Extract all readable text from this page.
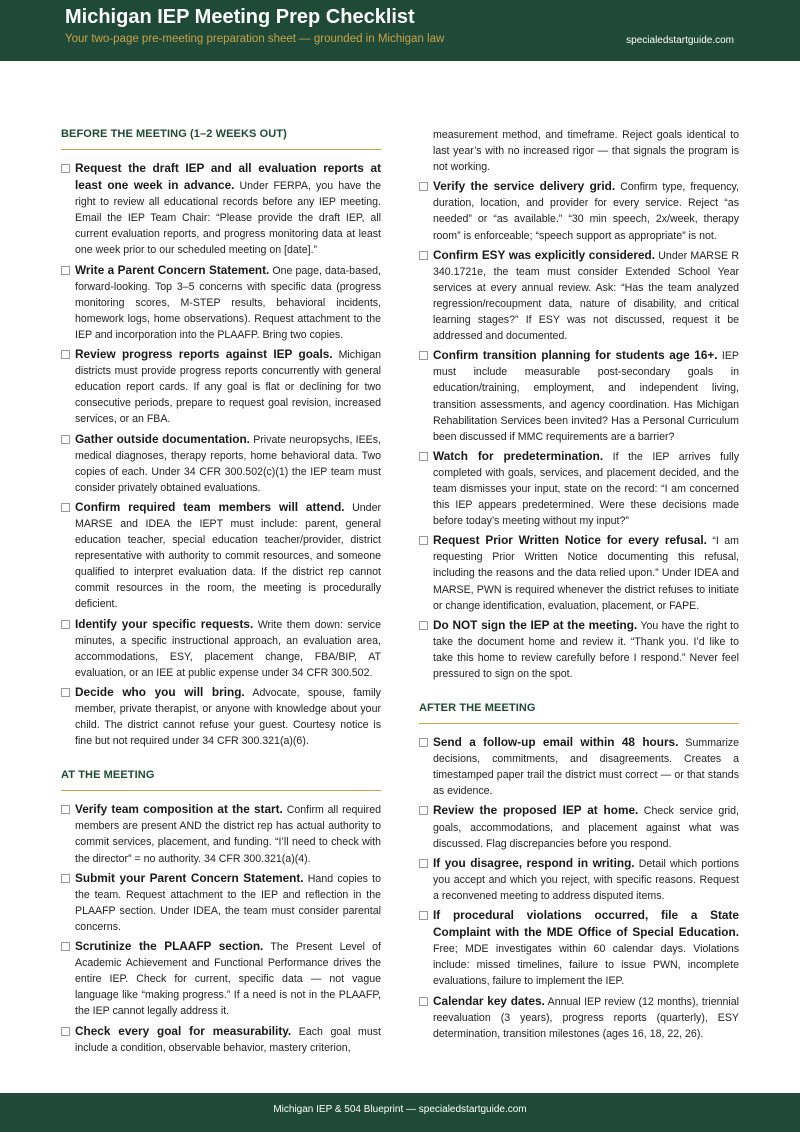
Michigan IEP Meeting Prep Checklist
Your two-page pre-meeting preparation sheet — grounded in Michigan law	specialedstartguide.com
BEFORE THE MEETING (1–2 WEEKS OUT)
Request the draft IEP and all evaluation reports at least one week in advance. Under FERPA, you have the right to review all educational records before any IEP meeting. Email the IEP Team Chair: “Please provide the draft IEP, all current evaluation reports, and progress monitoring data at least one week prior to our scheduled meeting on [date].”
Write a Parent Concern Statement. One page, data-based, forward-looking. Top 3–5 concerns with specific data (progress monitoring scores, M-STEP results, behavioral incidents, homework logs, home observations). Request attachment to the IEP and incorporation into the PLAAFP. Bring two copies.
Review progress reports against IEP goals. Michigan districts must provide progress reports concurrently with general education report cards. If any goal is flat or declining for two consecutive periods, prepare to request goal revision, increased services, or an FBA.
Gather outside documentation. Private neuropsychs, IEEs, medical diagnoses, therapy reports, home behavioral data. Two copies of each. Under 34 CFR 300.502(c)(1) the IEP team must consider privately obtained evaluations.
Confirm required team members will attend. Under MARSE and IDEA the IEPT must include: parent, general education teacher, special education teacher/provider, district representative with authority to commit resources, and someone qualified to interpret evaluation data. If the district rep cannot commit resources in the room, the meeting is procedurally deficient.
Identify your specific requests. Write them down: service minutes, a specific instructional approach, an evaluation area, accommodations, ESY, placement change, FBA/BIP, AT evaluation, or an IEE at public expense under 34 CFR 300.502.
Decide who you will bring. Advocate, spouse, family member, private therapist, or anyone with knowledge about your child. The district cannot refuse your guest. Courtesy notice is fine but not required under 34 CFR 300.321(a)(6).
AT THE MEETING
Verify team composition at the start. Confirm all required members are present AND the district rep has actual authority to commit services, placement, and funding. “I’ll need to check with the director” = no authority. 34 CFR 300.321(a)(4).
Submit your Parent Concern Statement. Hand copies to the team. Request attachment to the IEP and reflection in the PLAAFP section. Under IDEA, the team must consider parental concerns.
Scrutinize the PLAAFP section. The Present Level of Academic Achievement and Functional Performance drives the entire IEP. Check for current, specific data — not vague language like “making progress.” If a need is not in the PLAAFP, the IEP cannot legally address it.
Check every goal for measurability. Each goal must include a condition, observable behavior, mastery criterion,
measurement method, and timeframe. Reject goals identical to last year’s with no increased rigor — that signals the program is not working.
Verify the service delivery grid. Confirm type, frequency, duration, location, and provider for every service. Reject “as needed” or “as available.” “30 min speech, 2x/week, therapy room” is enforceable; “speech support as appropriate” is not.
Confirm ESY was explicitly considered. Under MARSE R 340.1721e, the team must consider Extended School Year services at every annual review. Ask: “Has the team analyzed regression/recoupment data, nature of disability, and critical learning stages?” If ESY was not discussed, request it be addressed and documented.
Confirm transition planning for students age 16+. IEP must include measurable post-secondary goals in education/training, employment, and independent living, transition assessments, and agency coordination. Has Michigan Rehabilitation Services been invited? Has a Personal Curriculum been discussed if MMC requirements are a barrier?
Watch for predetermination. If the IEP arrives fully completed with goals, services, and placement decided, and the team dismisses your input, state on the record: “I am concerned this IEP appears predetermined. Were these decisions made before today’s meeting without my input?”
Request Prior Written Notice for every refusal. “I am requesting Prior Written Notice documenting this refusal, including the reasons and the data relied upon.” Under IDEA and MARSE, PWN is required whenever the district refuses to initiate or change identification, evaluation, placement, or FAPE.
Do NOT sign the IEP at the meeting. You have the right to take the document home and review it. “Thank you. I’d like to take this home to review carefully before I respond.” Never feel pressured to sign on the spot.
AFTER THE MEETING
Send a follow-up email within 48 hours. Summarize decisions, commitments, and disagreements. Creates a timestamped paper trail the district must correct — or that stands as evidence.
Review the proposed IEP at home. Check service grid, goals, accommodations, and placement against what was discussed. Flag discrepancies before you respond.
If you disagree, respond in writing. Detail which portions you accept and which you reject, with specific reasons. Request a reconvened meeting to address disputed items.
If procedural violations occurred, file a State Complaint with the MDE Office of Special Education. Free; MDE investigates within 60 calendar days. Violations include: missed timelines, failure to issue PWN, incomplete evaluations, failure to implement the IEP.
Calendar key dates. Annual IEP review (12 months), triennial reevaluation (3 years), progress reports (quarterly), ESY determination, transition milestones (ages 16, 18, 22, 26).
Michigan IEP & 504 Blueprint — specialedstartguide.com
